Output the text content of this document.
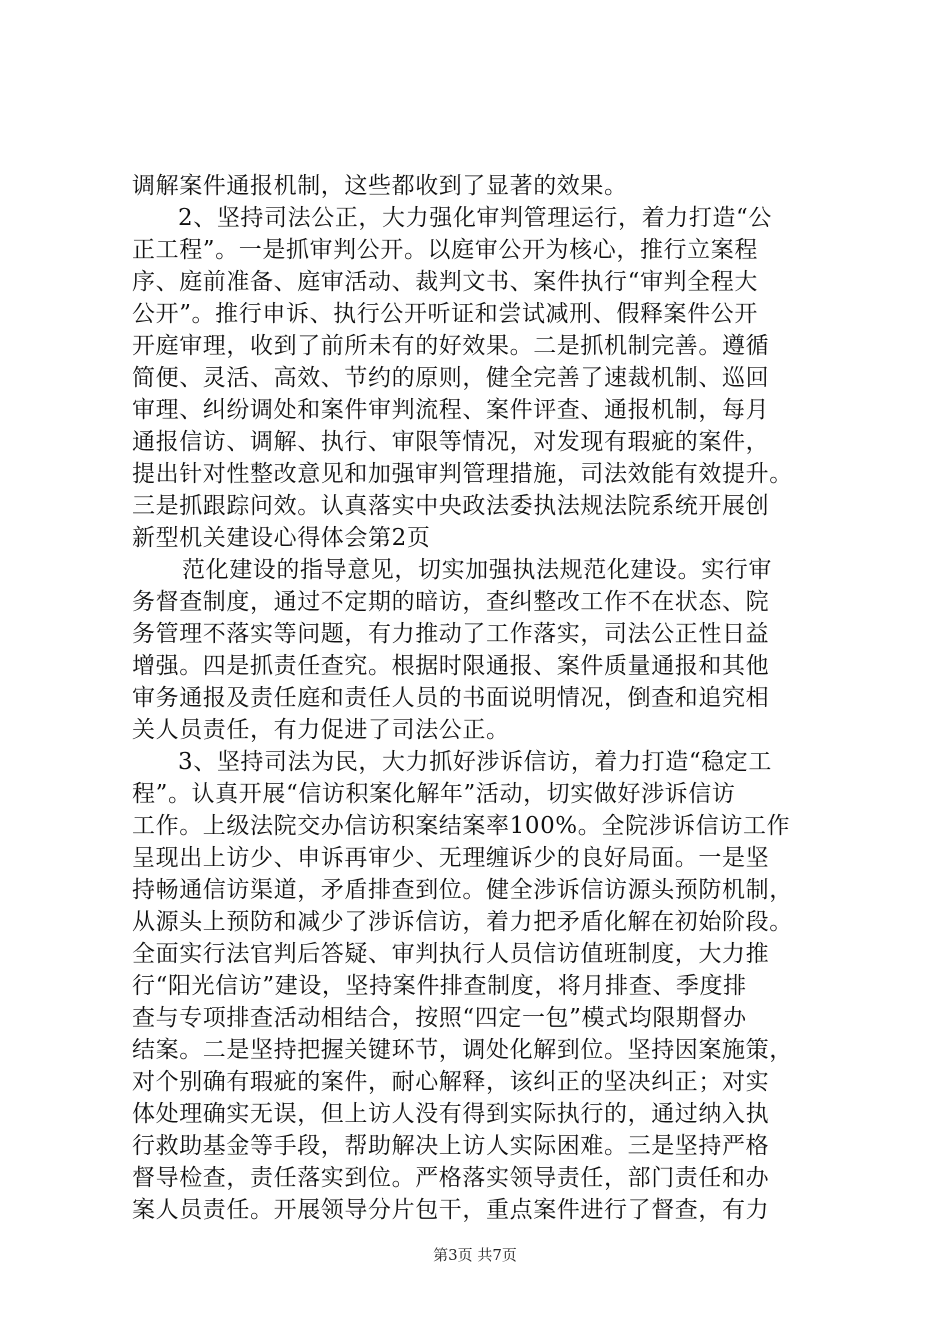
调解案件通报机制，这些都收到了显著的效果。
2、坚持司法公正，大力强化审判管理运行，着力打造“公
正工程”。一是抓审判公开。以庭审公开为核心，推行立案程
序、庭前准备、庭审活动、裁判文书、案件执行“审判全程大
公开”。推行申诉、执行公开听证和尝试减刑、假释案件公开
开庭审理，收到了前所未有的好效果。二是抓机制完善。遵循
简便、灵活、高效、节约的原则，健全完善了速裁机制、巡回
审理、纠纷调处和案件审判流程、案件评查、通报机制，每月
通报信访、调解、执行、审限等情况，对发现有瑕疵的案件，
提出针对性整改意见和加强审判管理措施，司法效能有效提升。
三是抓跟踪问效。认真落实中央政法委执法规法院系统开展创
新型机关建设心得体会第2页
范化建设的指导意见，切实加强执法规范化建设。实行审
务督查制度，通过不定期的暗访，查纠整改工作不在状态、院
务管理不落实等问题，有力推动了工作落实，司法公正性日益
增强。四是抓责任查究。根据时限通报、案件质量通报和其他
审务通报及责任庭和责任人员的书面说明情况，倒查和追究相
关人员责任，有力促进了司法公正。
3、坚持司法为民，大力抓好涉诉信访，着力打造“稳定工
程”。认真开展“信访积案化解年”活动，切实做好涉诉信访
工作。上级法院交办信访积案结案率100%。全院涉诉信访工作
呈现出上访少、申诉再审少、无理缠诉少的良好局面。一是坚
持畅通信访渠道，矛盾排查到位。健全涉诉信访源头预防机制，
从源头上预防和减少了涉诉信访，着力把矛盾化解在初始阶段。
全面实行法官判后答疑、审判执行人员信访值班制度，大力推
行“阳光信访”建设，坚持案件排查制度，将月排查、季度排
查与专项排查活动相结合，按照“四定一包”模式均限期督办
结案。二是坚持把握关键环节，调处化解到位。坚持因案施策，
对个别确有瑕疵的案件，耐心解释，该纠正的坚决纠正；对实
体处理确实无误，但上访人没有得到实际执行的，通过纳入执
行救助基金等手段，帮助解决上访人实际困难。三是坚持严格
督导检查，责任落实到位。严格落实领导责任，部门责任和办
案人员责任。开展领导分片包干，重点案件进行了督查，有力
第3页 共7页
